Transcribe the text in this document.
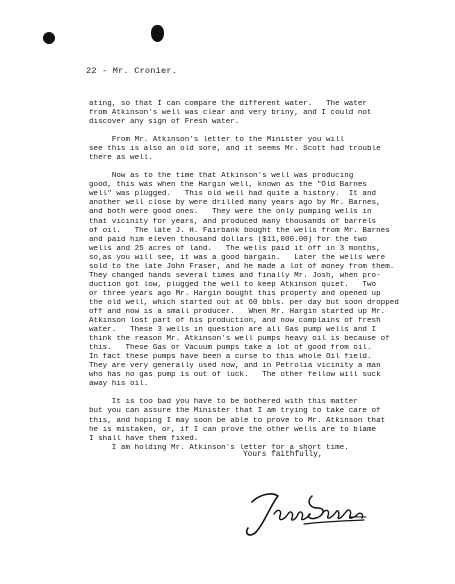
22 - Mr. Cronier.
ating, so that I can compare the different water.   The water
from Atkinson's well was clear and very briny, and I could not
discover any sign of Fresh water.
From Mr. Atkinson's letter to the Minister you will
see this is also an old sore, and it seems Mr. Scott had trouble
there as well.
Now as to the time that Atkinson's well was producing
good, this was when the Hargin well, known as the "Old Barnes
well" was plugged.   This old well had quite a history.  It and
another well close by were drilled many years ago by Mr. Barnes,
and both were good ones.   They were the only pumping wells in
that vicinity for years, and produced many thousands of barrels
of oil.   The late J. H. Fairbank bought the wells from Mr. Barnes
and paid him eleven thousand dollars ($11,000.00) for the two
wells and 25 acres of land.   The wells paid it off in 3 months,
so,as you will see, it was a good bargain.   Later the wells were
sold to the late John Fraser, and he made a lot of money from them.
They changed hands several times and finally Mr. Josh, when pro-
duction got low, plugged the well to keep Atkinson quiet.   Two
or three years ago Mr. Hargin bought this property and opened up
the old well, which started out at 60 bbls. per day but soon dropped
off and now is a small producer.   When Mr. Hargin started up Mr.
Atkinson lost part of his production, and now complains of fresh
water.   These 3 wells in question are all Gas pump wells and I
think the reason Mr. Atkinson's well pumps heavy oil is because of
this.   These Gas or Vacuum pumps take a lot of good from oil.
In fact these pumps have been a curse to this whole Oil field.
They are very generally used now, and in Petrolia vicinity a man
who has no gas pump is out of luck.   The other fellow will suck
away his oil.
It is too bad you have to be bothered with this matter
but you can assure the Minister that I am trying to take care of
this, and hoping I may soon be able to prove to Mr. Atkinson that
he is mistaken, or, if I can prove the other wells are to blame
I shall have them fixed.
I am holding Mr. Atkinson's letter for a short time.
Yours faithfully,
